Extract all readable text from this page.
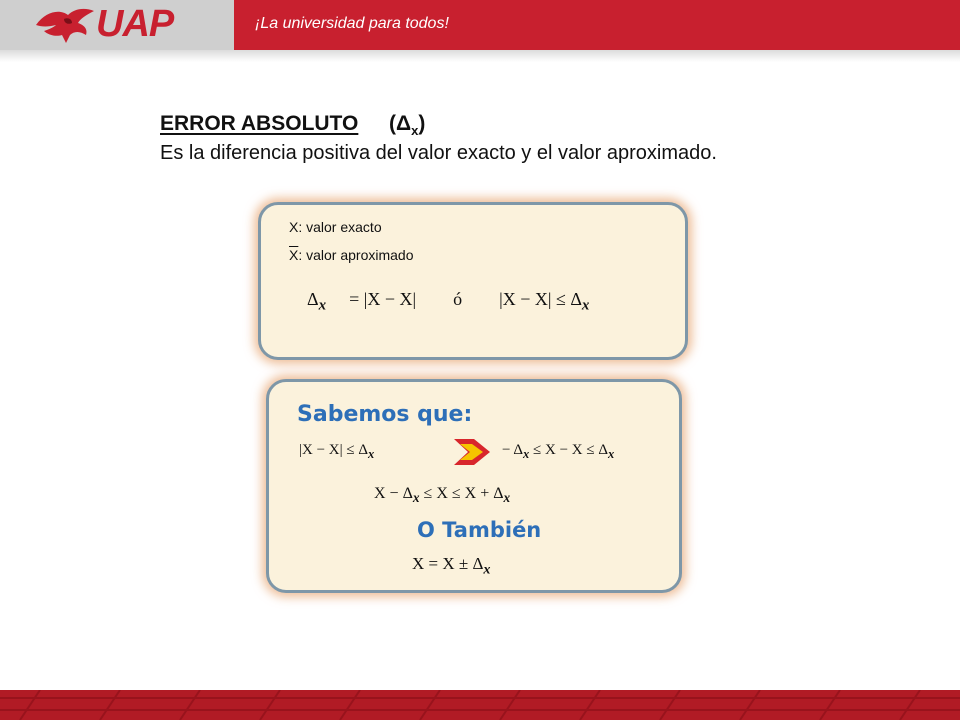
UAP	¡La universidad para todos!
ERROR ABSOLUTO $(\Delta_x)$
Es la diferencia positiva del valor exacto y el valor aproximado.
X: valor exacto
$\overline{X}$: valor aproximado
$\Delta_x = |X - X|$ ó $|X - X| \le \Delta_x$
Sabemos que:
$|X - X| \le \Delta_x$	− $\Delta_x \le X - X \le \Delta_x$
$X - \Delta_x \le X \le X + \Delta_x$
O También
$X = X \pm \Delta_x$
